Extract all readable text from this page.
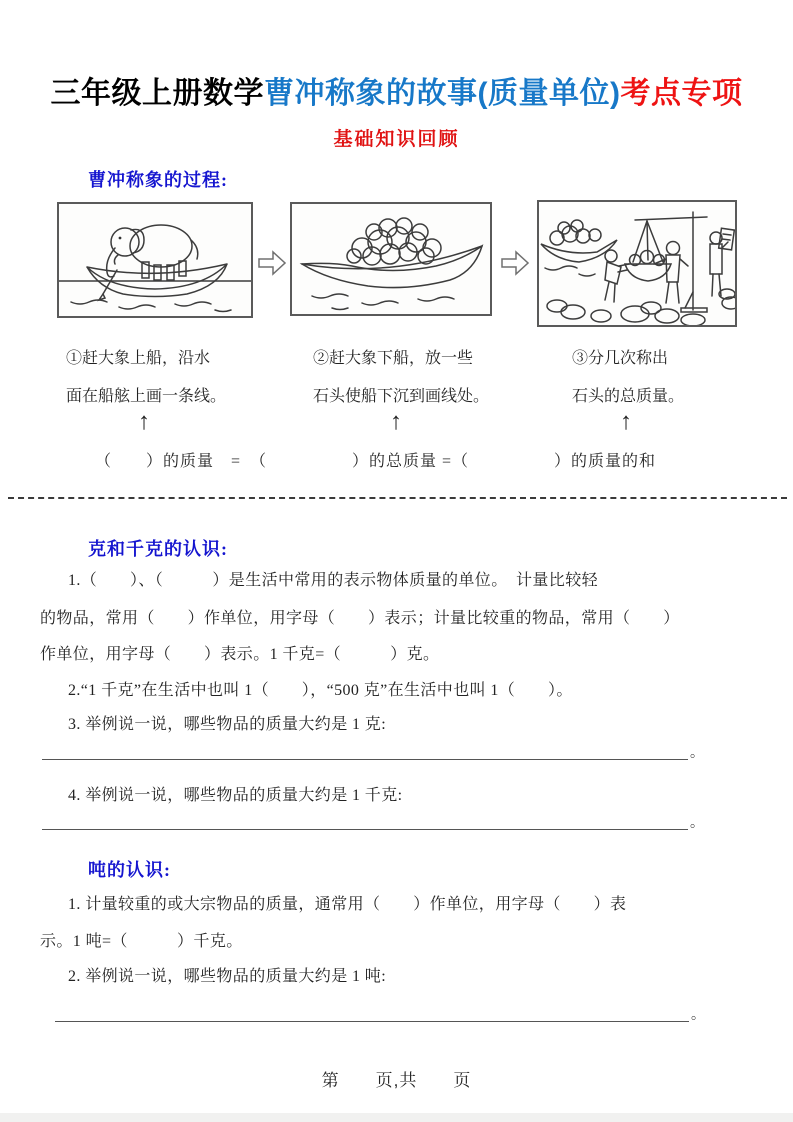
三年级上册数学曹冲称象的故事(质量单位)考点专项
基础知识回顾
曹冲称象的过程:
①赶大象上船，沿水
面在船舷上画一条线。
②赶大象下船，放一些
石头使船下沉到画线处。
③分几次称出
石头的总质量。
↑	↑	↑
（　　）的质量　=　（　　　　　）的总质量 =（　　　　　）的质量的和
克和千克的认识:
1.（　　）、（　　　）是生活中常用的表示物体质量的单位。　计量比较轻
的物品，常用（　　）作单位，用字母（　　）表示；计量比较重的物品，常用（　　）
作单位，用字母（　　）表示。1 千克=（　　　）克。
2.“1 千克”在生活中也叫 1（　　），“500 克”在生活中也叫 1（　　）。
3. 举例说一说，哪些物品的质量大约是 1 克:
。
4. 举例说一说，哪些物品的质量大约是 1 千克:
。
吨的认识:
1. 计量较重的或大宗物品的质量，通常用（　　）作单位，用字母（　　）表
示。1 吨=（　　　）千克。
2. 举例说一说，哪些物品的质量大约是 1 吨:
。
第　　页,共　　页
